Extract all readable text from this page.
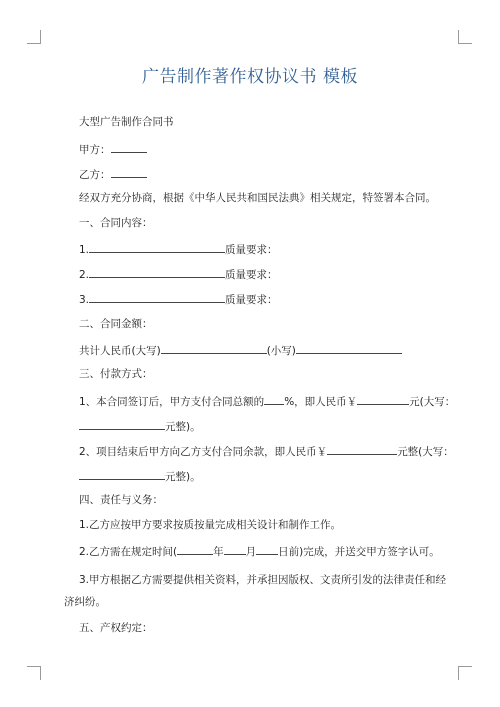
广告制作著作权协议书 模板
大型广告制作合同书
甲方：
乙方：
经双方充分协商，根据《中华人民共和国民法典》相关规定，特签署本合同。
一、合同内容：
1.	质量要求：
2.	质量要求：
3.	质量要求：
二、合同金额：
共计人民币(大写)	(小写)
三、付款方式：
1、本合同签订后，甲方支付合同总额的 %，即人民币￥	元(大写：
元整)。
2、项目结束后甲方向乙方支付合同余款，即人民币￥	元整(大写：
元整)。
四、责任与义务：
1.乙方应按甲方要求按质按量完成相关设计和制作工作。
2.乙方需在规定时间(	年 月 日前)完成，并送交甲方签字认可。
3.甲方根据乙方需要提供相关资料，并承担因版权、文责所引发的法律责任和经
济纠纷。
五、产权约定：
